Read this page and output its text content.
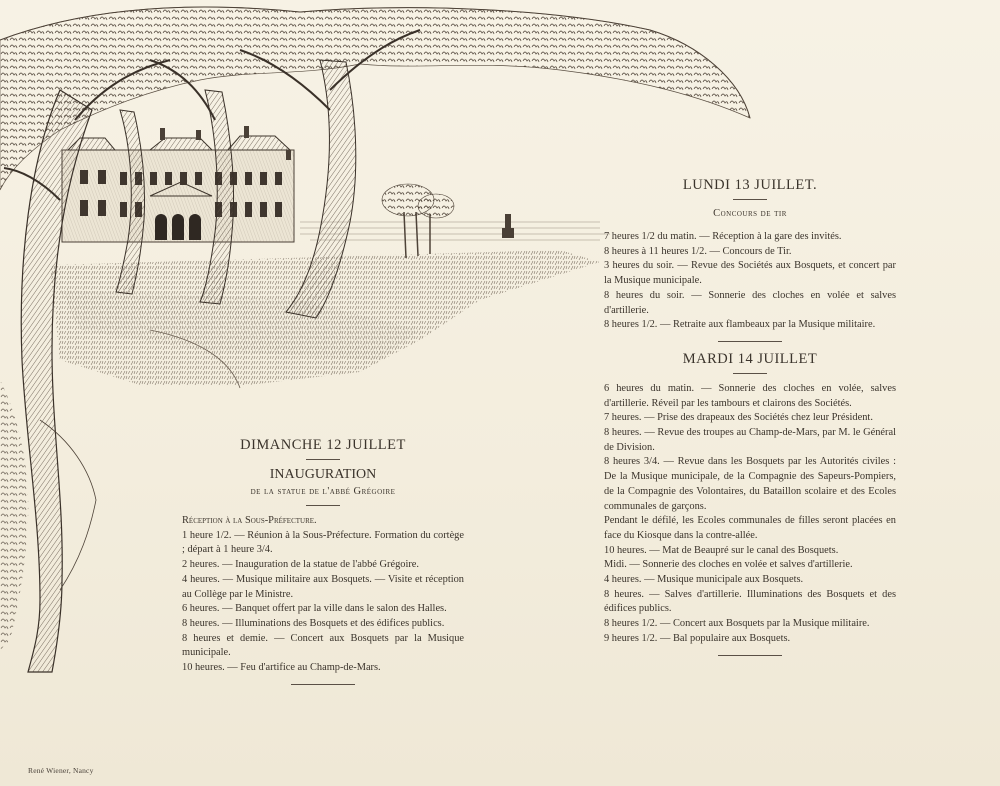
DIMANCHE 12 JUILLET
INAUGURATION
de la statue de l'abbé Grégoire
Réception à la Sous-Préfecture.
1 heure 1/2. — Réunion à la Sous-Préfecture. Formation du cortège ; départ à 1 heure 3/4.
2 heures. — Inauguration de la statue de l'abbé Grégoire.
4 heures. — Musique militaire aux Bosquets. — Visite et réception au Collège par le Ministre.
6 heures. — Banquet offert par la ville dans le salon des Halles.
8 heures. — Illuminations des Bosquets et des édifices publics.
8 heures et demie. — Concert aux Bosquets par la Musique municipale.
10 heures. — Feu d'artifice au Champ-de-Mars.
LUNDI 13 JUILLET.
Concours de tir
7 heures 1/2 du matin. — Réception à la gare des invités.
8 heures à 11 heures 1/2. — Concours de Tir.
3 heures du soir. — Revue des Sociétés aux Bosquets, et concert par la Musique municipale.
8 heures du soir. — Sonnerie des cloches en volée et salves d'artillerie.
8 heures 1/2. — Retraite aux flambeaux par la Musique militaire.
MARDI 14 JUILLET
6 heures du matin. — Sonnerie des cloches en volée, salves d'artillerie. Réveil par les tambours et clairons des Sociétés.
7 heures. — Prise des drapeaux des Sociétés chez leur Président.
8 heures. — Revue des troupes au Champ-de-Mars, par M. le Général de Division.
8 heures 3/4. — Revue dans les Bosquets par les Autorités civiles : De la Musique municipale, de la Compagnie des Sapeurs-Pompiers, de la Compagnie des Volontaires, du Bataillon scolaire et des Ecoles communales de garçons.
Pendant le défilé, les Ecoles communales de filles seront placées en face du Kiosque dans la contre-allée.
10 heures. — Mat de Beaupré sur le canal des Bosquets.
Midi. — Sonnerie des cloches en volée et salves d'artillerie.
4 heures. — Musique municipale aux Bosquets.
8 heures. — Salves d'artillerie. Illuminations des Bosquets et des édifices publics.
8 heures 1/2. — Concert aux Bosquets par la Musique militaire.
9 heures 1/2. — Bal populaire aux Bosquets.
René Wiener, Nancy
